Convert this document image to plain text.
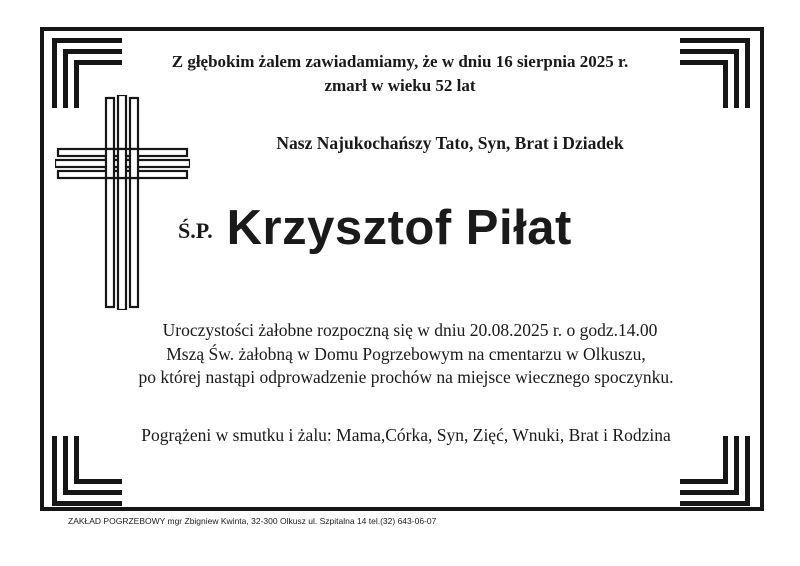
Z głębokim żalem zawiadamiamy, że w dniu 16 sierpnia 2025 r.
zmarł w wieku 52 lat
Nasz Najukochańszy Tato, Syn, Brat i Dziadek
Ś.P. Krzysztof Piłat
Uroczystości żałobne rozpoczną się w dniu 20.08.2025 r. o godz.14.00
Mszą Św. żałobną w Domu Pogrzebowym na cmentarzu w Olkuszu,
po której nastąpi odprowadzenie prochów na miejsce wiecznego spoczynku.
Pogrążeni w smutku i żalu: Mama,Córka, Syn, Zięć, Wnuki, Brat i Rodzina
ZAKŁAD POGRZEBOWY mgr Zbigniew Kwinta, 32-300 Olkusz ul. Szpitalna 14 tel.(32) 643-06-07
